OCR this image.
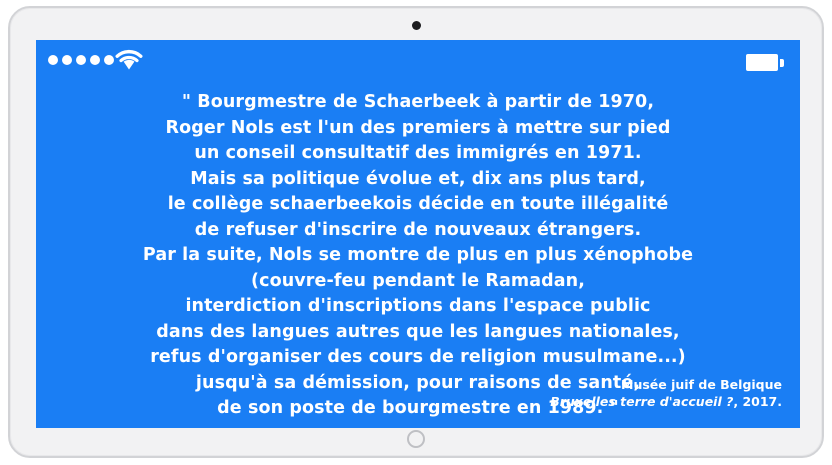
" Bourgmestre de Schaerbeek à partir de 1970,
Roger Nols est l'un des premiers à mettre sur pied
un conseil consultatif des immigrés en 1971.
Mais sa politique évolue et, dix ans plus tard,
le collège schaerbeekois décide en toute illégalité
de refuser d'inscrire de nouveaux étrangers.
Par la suite, Nols se montre de plus en plus xénophobe
(couvre-feu pendant le Ramadan,
interdiction d'inscriptions dans l'espace public
dans des langues autres que les langues nationales,
refus d'organiser des cours de religion musulmane...)
jusqu'à sa démission, pour raisons de santé,
de son poste de bourgmestre en 1989. "
Musée juif de Belgique
Bruxelles terre d'accueil ?, 2017.
